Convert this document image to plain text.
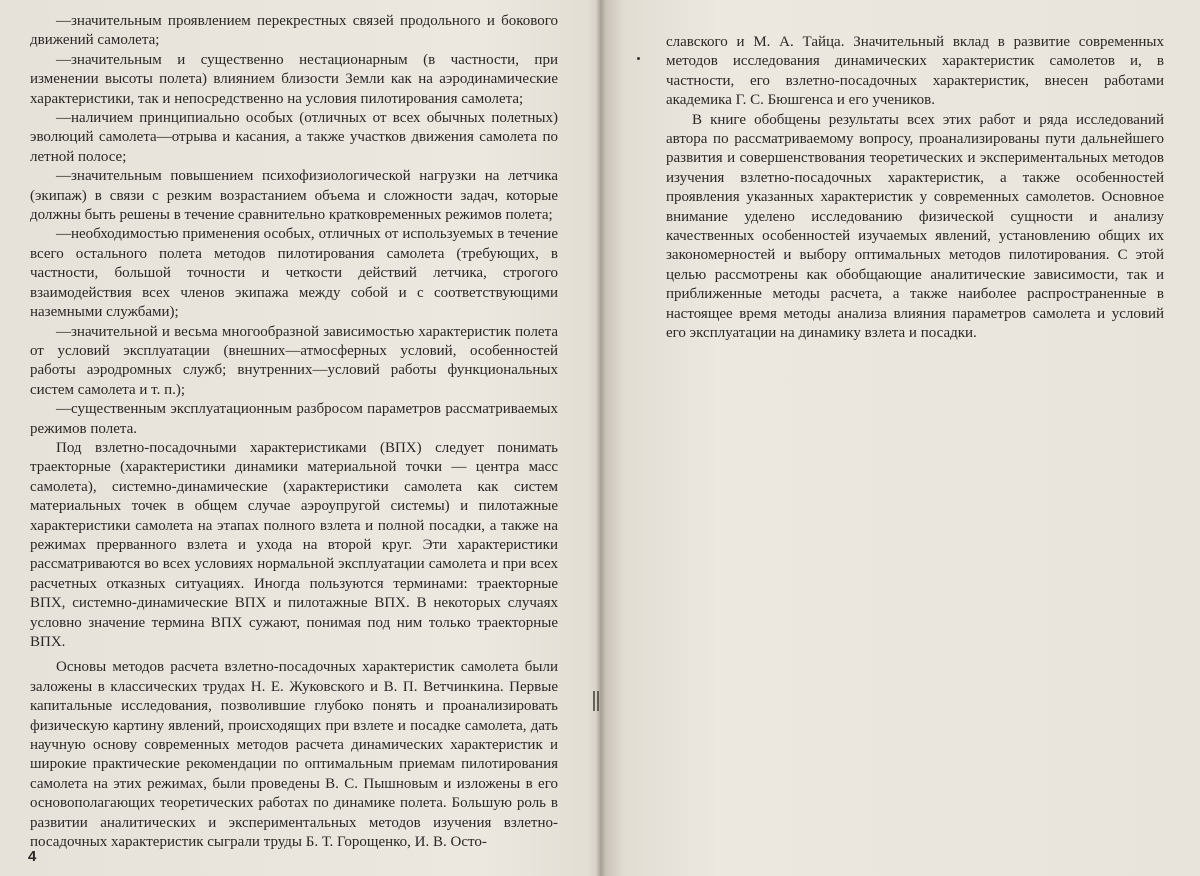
—значительным проявлением перекрестных связей продольного и бокового движений самолета;

—значительным и существенно нестационарным (в частности, при изменении высоты полета) влиянием близости Земли как на аэродинамические характеристики, так и непосредственно на условия пилотирования самолета;

—наличием принципиально особых (отличных от всех обычных полетных) эволюций самолета—отрыва и касания, а также участков движения самолета по летной полосе;

—значительным повышением психофизиологической нагрузки на летчика (экипаж) в связи с резким возрастанием объема и сложности задач, которые должны быть решены в течение сравнительно кратковременных режимов полета;

—необходимостью применения особых, отличных от используемых в течение всего остального полета методов пилотирования самолета (требующих, в частности, большой точности и четкости действий летчика, строгого взаимодействия всех членов экипажа между собой и с соответствующими наземными службами);

—значительной и весьма многообразной зависимостью характеристик полета от условий эксплуатации (внешних—атмосферных условий, особенностей работы аэродромных служб; внутренних—условий работы функциональных систем самолета и т. п.);

—существенным эксплуатационным разбросом параметров рассматриваемых режимов полета.

Под взлетно-посадочными характеристиками (ВПХ) следует понимать траекторные (характеристики динамики материальной точки — центра масс самолета), системно-динамические (характеристики самолета как систем материальных точек в общем случае аэроупругой системы) и пилотажные характеристики самолета на этапах полного взлета и полной посадки, а также на режимах прерванного взлета и ухода на второй круг. Эти характеристики рассматриваются во всех условиях нормальной эксплуатации самолета и при всех расчетных отказных ситуациях. Иногда пользуются терминами: траекторные ВПХ, системно-динамические ВПХ и пилотажные ВПХ. В некоторых случаях условно значение термина ВПХ сужают, понимая под ним только траекторные ВПХ.

Основы методов расчета взлетно-посадочных характеристик самолета были заложены в классических трудах Н. Е. Жуковского и В. П. Ветчинкина. Первые капитальные исследования, позволившие глубоко понять и проанализировать физическую картину явлений, происходящих при взлете и посадке самолета, дать научную основу современных методов расчета динамических характеристик и широкие практические рекомендации по оптимальным приемам пилотирования самолета на этих режимах, были проведены В. С. Пышновым и изложены в его основополагающих теоретических работах по динамике полета. Большую роль в развитии аналитических и экспериментальных методов изучения взлетно-посадочных характеристик сыграли труды Б. Т. Горощенко, И. В. Осто-

4

славского и М. А. Тайца. Значительный вклад в развитие современных методов исследования динамических характеристик самолетов и, в частности, его взлетно-посадочных характеристик, внесен работами академика Г. С. Бюшгенса и его учеников.

В книге обобщены результаты всех этих работ и ряда исследований автора по рассматриваемому вопросу, проанализированы пути дальнейшего развития и совершенствования теоретических и экспериментальных методов изучения взлетно-посадочных характеристик, а также особенностей проявления указанных характеристик у современных самолетов. Основное внимание уделено исследованию физической сущности и анализу качественных особенностей изучаемых явлений, установлению общих их закономерностей и выбору оптимальных методов пилотирования. С этой целью рассмотрены как обобщающие аналитические зависимости, так и приближенные методы расчета, а также наиболее распространенные в настоящее время методы анализа влияния параметров самолета и условий его эксплуатации на динамику взлета и посадки.
